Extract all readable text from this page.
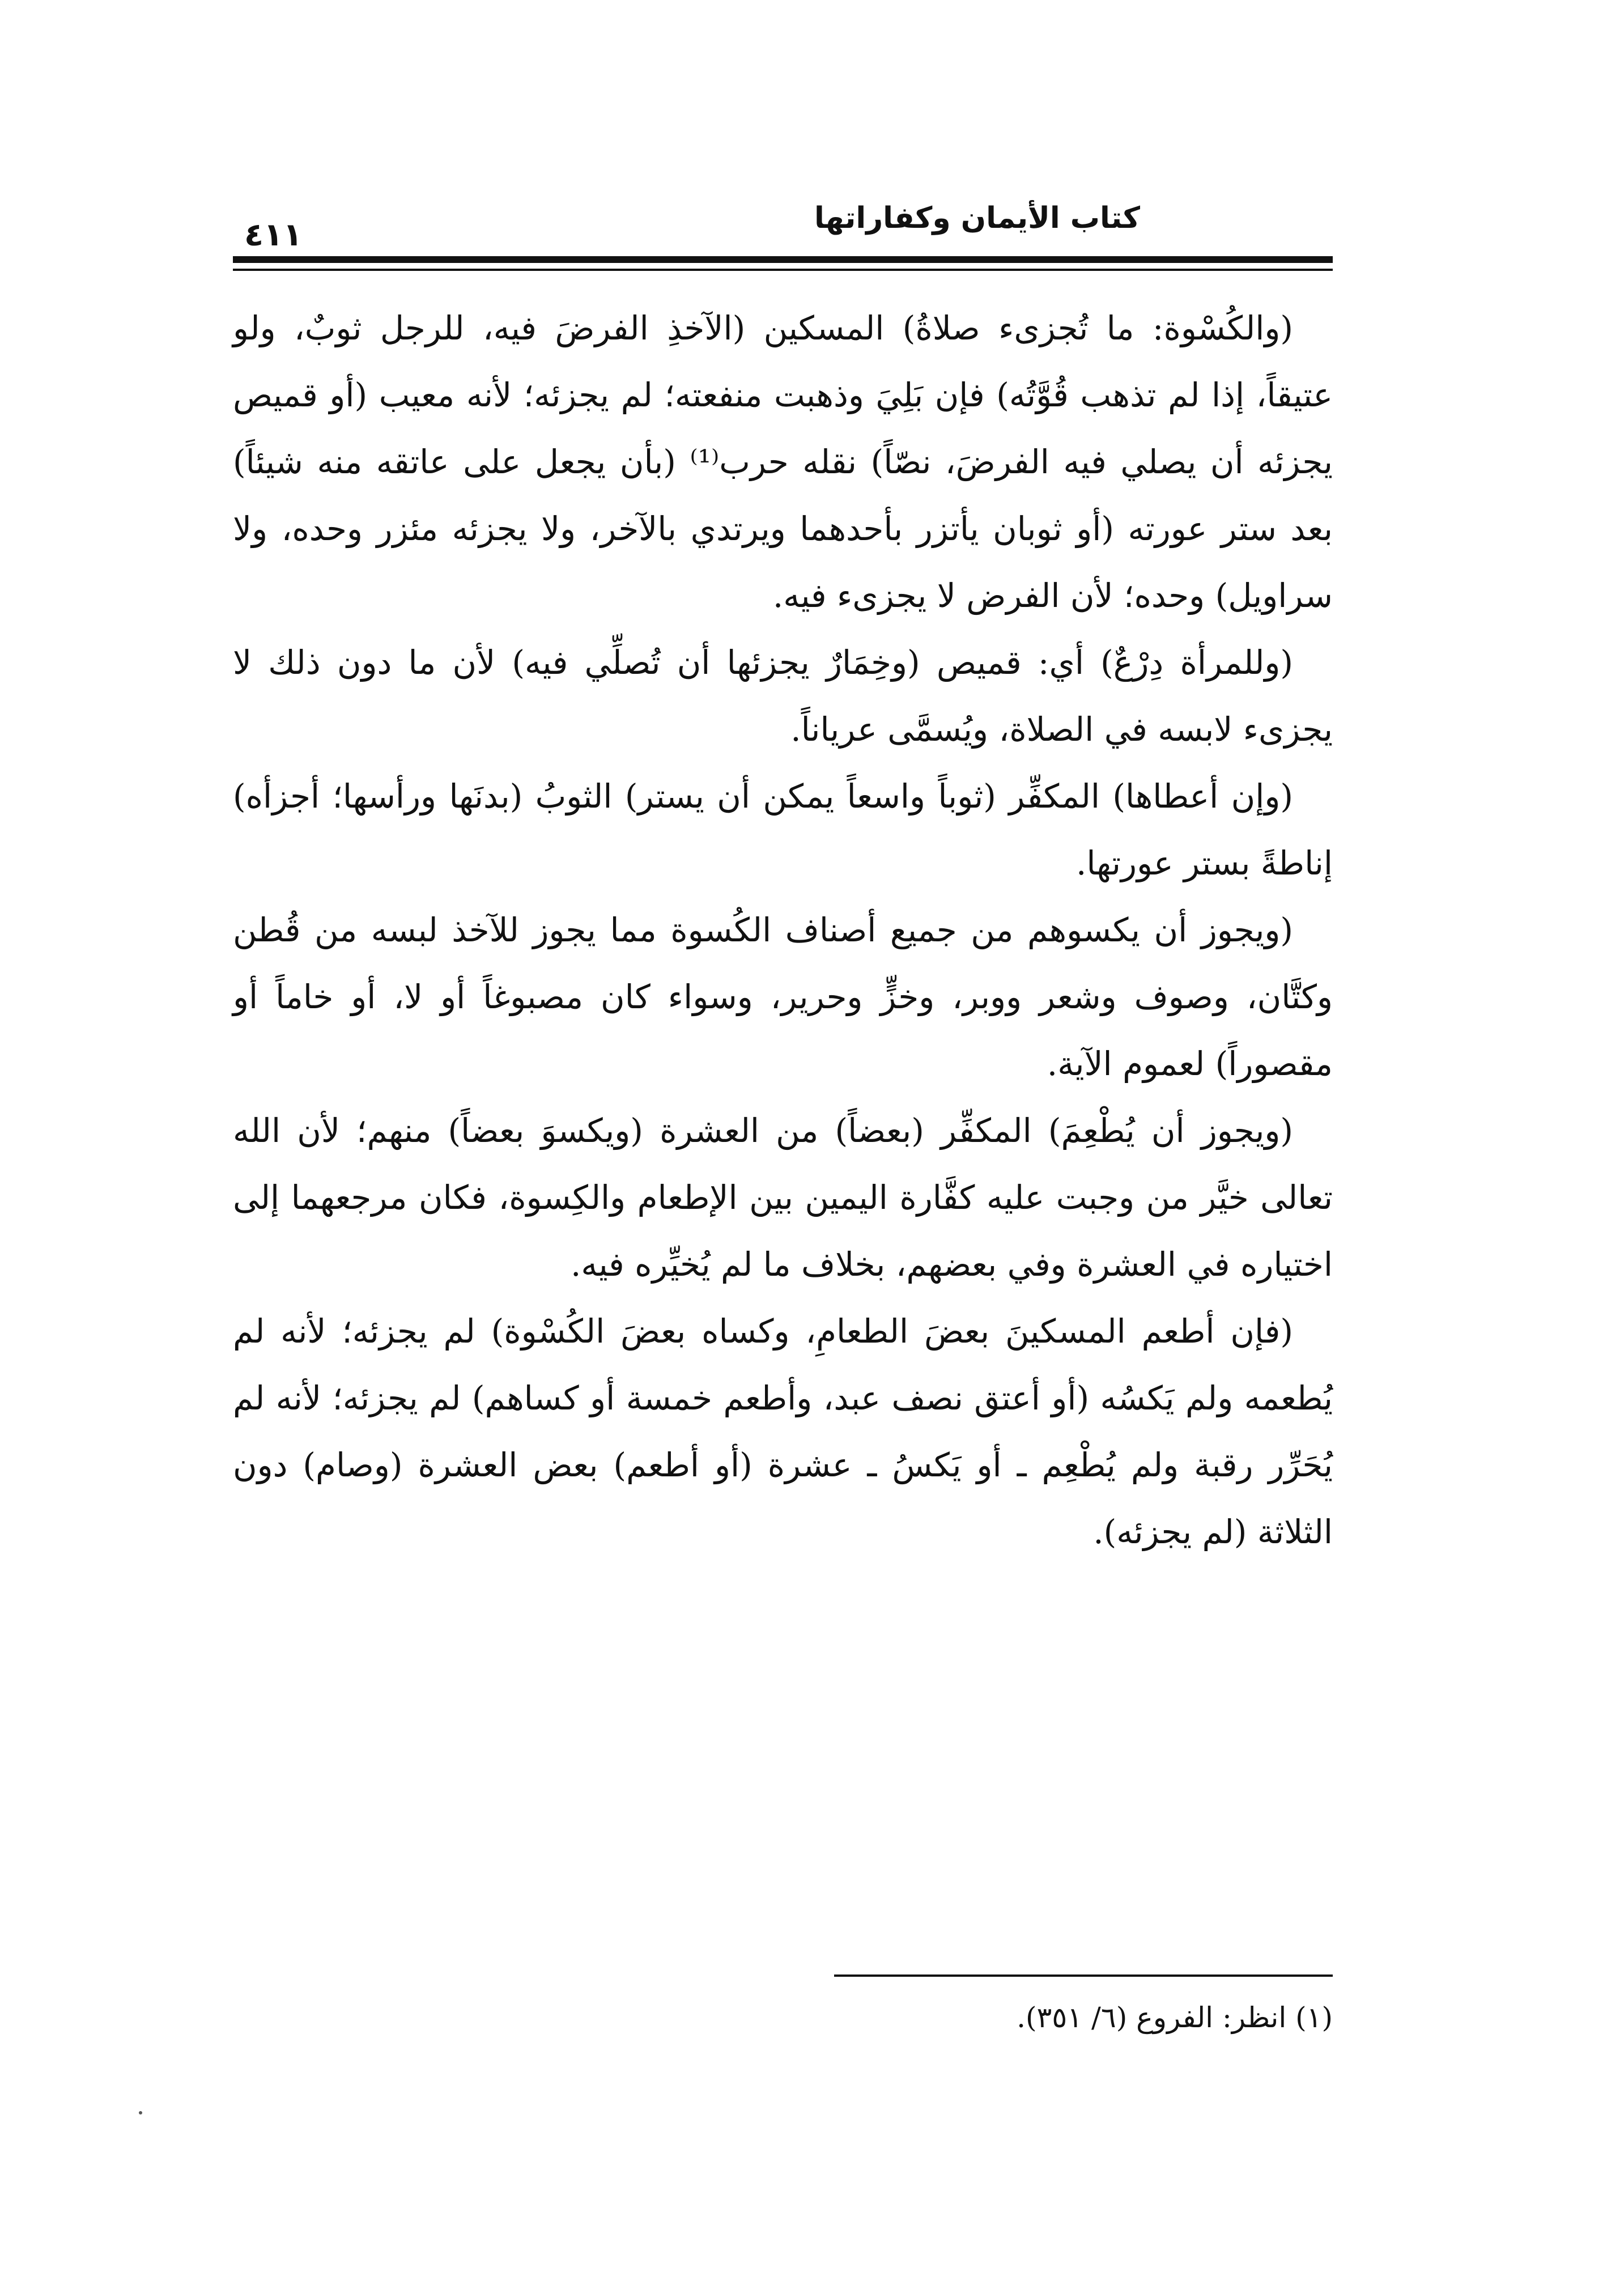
كتاب الأيمان وكفاراتها
٤١١

(والكُسْوة: ما تُجزىء صلاةُ) المسكين (الآخذِ الفرضَ فيه، للرجل ثوبٌ، ولو عتيقاً، إذا لم تذهب قُوَّتُه) فإن بَلِيَ وذهبت منفعته؛ لم يجزئه؛ لأنه معيب (أو قميص يجزئه أن يصلي فيه الفرضَ، نصّاً) نقله حرب⁽¹⁾ (بأن يجعل على عاتقه منه شيئاً) بعد ستر عورته (أو ثوبان يأتزر بأحدهما ويرتدي بالآخر، ولا يجزئه مئزر وحده، ولا سراويل) وحده؛ لأن الفرض لا يجزىء فيه.

(وللمرأة دِرْعٌ) أي: قميص (وخِمَارٌ يجزئها أن تُصلِّي فيه) لأن ما دون ذلك لا يجزىء لابسه في الصلاة، ويُسمَّى عرياناً.

(وإن أعطاها) المكفِّر (ثوباً واسعاً يمكن أن يستر) الثوبُ (بدنَها ورأسها؛ أجزأه) إناطةً بستر عورتها.

(ويجوز أن يكسوهم من جميع أصناف الكُسوة مما يجوز للآخذ لبسه من قُطن وكتَّان، وصوف وشعر ووبر، وخزٍّ وحرير، وسواء كان مصبوغاً أو لا، أو خاماً أو مقصوراً) لعموم الآية.

(ويجوز أن يُطْعِمَ) المكفِّر (بعضاً) من العشرة (ويكسوَ بعضاً) منهم؛ لأن الله تعالى خيَّر من وجبت عليه كفَّارة اليمين بين الإطعام والكِسوة، فكان مرجعهما إلى اختياره في العشرة وفي بعضهم، بخلاف ما لم يُخيِّره فيه.

(فإن أطعم المسكينَ بعضَ الطعامِ، وكساه بعضَ الكُسْوة) لم يجزئه؛ لأنه لم يُطعمه ولم يَكسُه (أو أعتق نصف عبد، وأطعم خمسة أو كساهم) لم يجزئه؛ لأنه لم يُحَرِّر رقبة ولم يُطْعِم ـ أو يَكسُ ـ عشرة (أو أطعم) بعض العشرة (وصام) دون الثلاثة (لم يجزئه).

(١) انظر: الفروع (٦/ ٣٥١).
